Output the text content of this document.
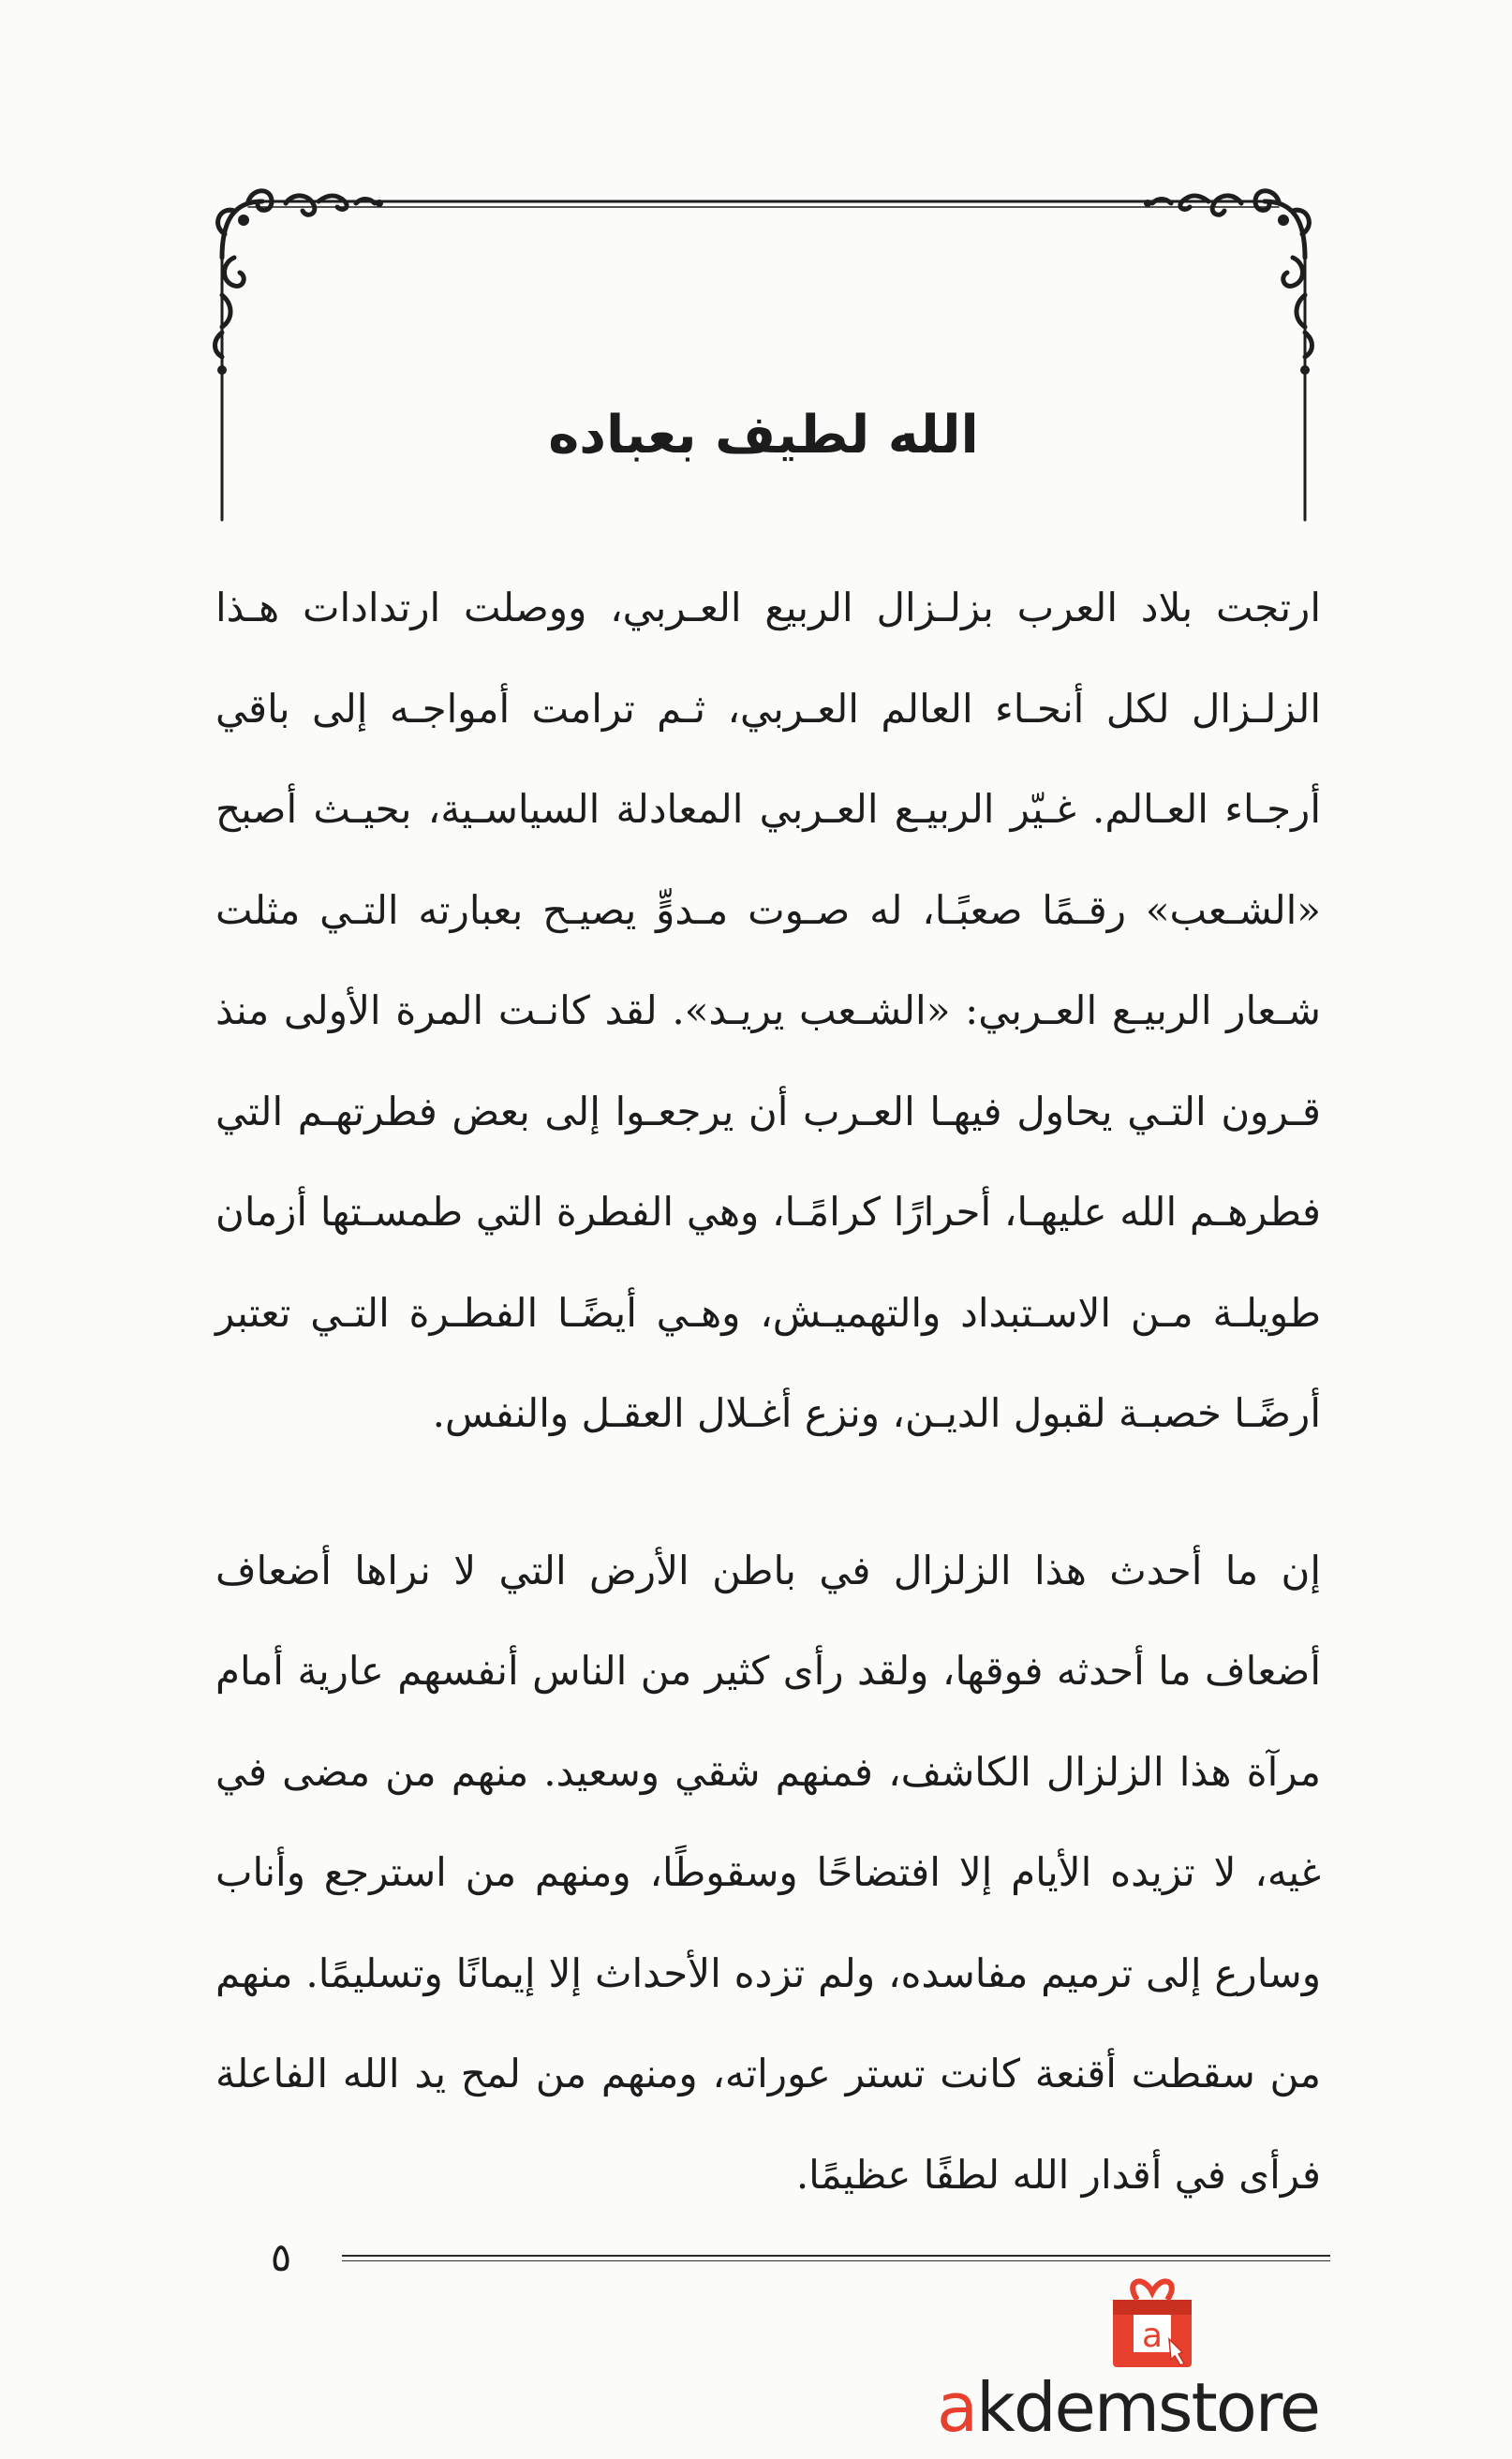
الله لطيف بعباده

ارتجت بلاد العرب بزلـزال الربيع العـربي، ووصلت ارتدادات هـذا الزلـزال لكل أنحـاء العالم العـربي، ثـم ترامت أمواجـه إلى باقي أرجـاء العـالم. غـيّر الربيـع العـربي المعادلة السياسـية، بحيـث أصبح «الشـعب» رقـمًا صعبًـا، له صـوت مـدوٍّ يصيـح بعبارته التـي مثلت شـعار الربيـع العـربي: «الشـعب يريـد». لقد كانـت المرة الأولى منذ قـرون التـي يحاول فيهـا العـرب أن يرجعـوا إلى بعض فطرتهـم التي فطرهـم الله عليهـا، أحرارًا كرامًـا، وهي الفطرة التي طمسـتها أزمان طويلـة مـن الاسـتبداد والتهميـش، وهـي أيضًـا الفطـرة التـي تعتبر أرضًـا خصبـة لقبول الديـن، ونزع أغـلال العقـل والنفس.

إن ما أحدث هذا الزلزال في باطن الأرض التي لا نراها أضعاف أضعاف ما أحدثه فوقها، ولقد رأى كثير من الناس أنفسهم عارية أمام مرآة هذا الزلزال الكاشف، فمنهم شقي وسعيد. منهم من مضى في غيه، لا تزيده الأيام إلا افتضاحًا وسقوطًا، ومنهم من استرجع وأناب وسارع إلى ترميم مفاسده، ولم تزده الأحداث إلا إيمانًا وتسليمًا. منهم من سقطت أقنعة كانت تستر عوراته، ومنهم من لمح يد الله الفاعلة فرأى في أقدار الله لطفًا عظيمًا.

٥
a
akdemstore
